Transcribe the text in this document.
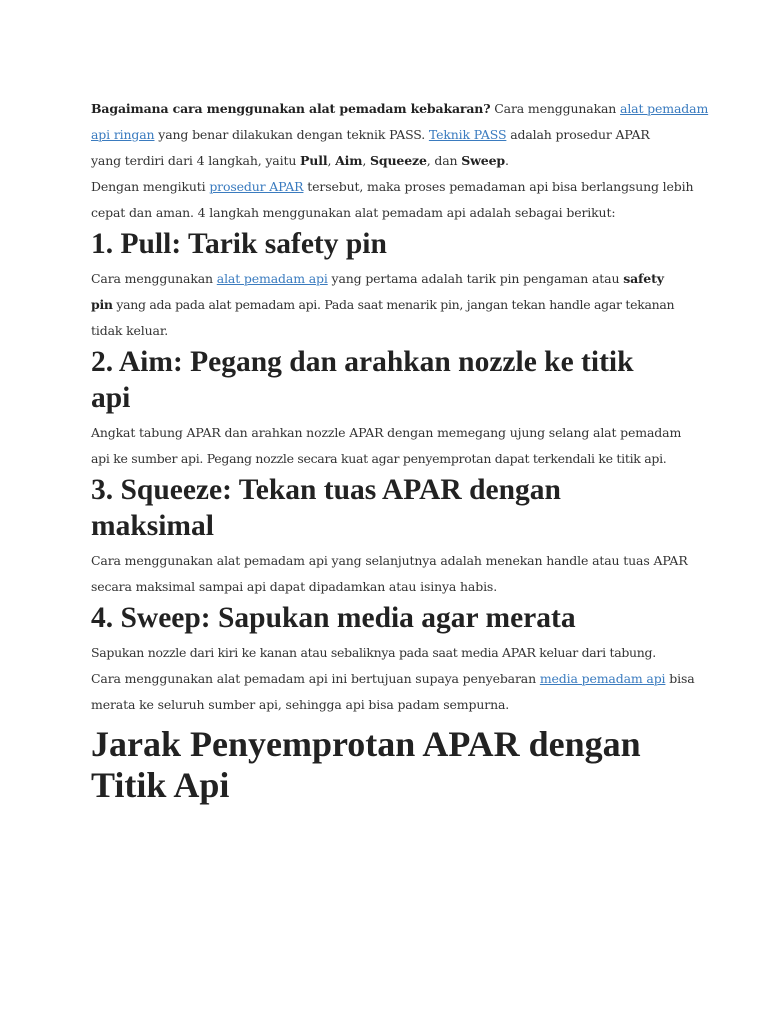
Bagaimana cara menggunakan alat pemadam kebakaran? Cara menggunakan alat pemadam

api ringan yang benar dilakukan dengan teknik PASS. Teknik PASS adalah prosedur APAR

yang terdiri dari 4 langkah, yaitu Pull, Aim, Squeeze, dan Sweep.

Dengan mengikuti prosedur APAR tersebut, maka proses pemadaman api bisa berlangsung lebih

cepat dan aman. 4 langkah menggunakan alat pemadam api adalah sebagai berikut:

1. Pull: Tarik safety pin

Cara menggunakan alat pemadam api yang pertama adalah tarik pin pengaman atau safety

pin yang ada pada alat pemadam api. Pada saat menarik pin, jangan tekan handle agar tekanan

tidak keluar.

2. Aim: Pegang dan arahkan nozzle ke titik
api

Angkat tabung APAR dan arahkan nozzle APAR dengan memegang ujung selang alat pemadam

api ke sumber api. Pegang nozzle secara kuat agar penyemprotan dapat terkendali ke titik api.

3. Squeeze: Tekan tuas APAR dengan
maksimal

Cara menggunakan alat pemadam api yang selanjutnya adalah menekan handle atau tuas APAR

secara maksimal sampai api dapat dipadamkan atau isinya habis.

4. Sweep: Sapukan media agar merata

Sapukan nozzle dari kiri ke kanan atau sebaliknya pada saat media APAR keluar dari tabung.

Cara menggunakan alat pemadam api ini bertujuan supaya penyebaran media pemadam api bisa

merata ke seluruh sumber api, sehingga api bisa padam sempurna.

Jarak Penyemprotan APAR dengan
Titik Api
